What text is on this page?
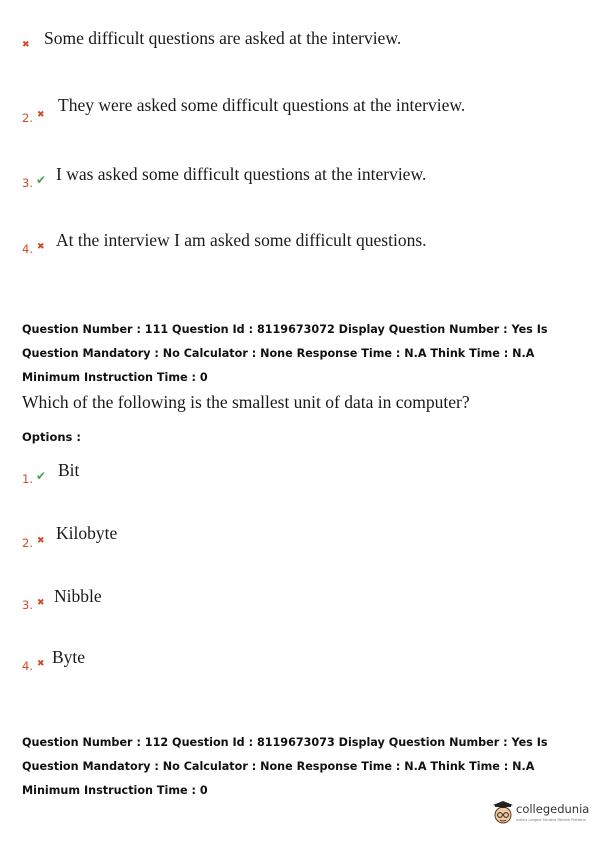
✖ Some difficult questions are asked at the interview.
2. ✖ They were asked some difficult questions at the interview.
3. ✔ I was asked some difficult questions at the interview.
4. ✖ At the interview I am asked some difficult questions.
Question Number : 111 Question Id : 8119673072 Display Question Number : Yes Is Question Mandatory : No Calculator : None Response Time : N.A Think Time : N.A Minimum Instruction Time : 0
Which of the following is the smallest unit of data in computer?
Options :
1. ✔ Bit
2. ✖ Kilobyte
3. ✖ Nibble
4. ✖ Byte
Question Number : 112 Question Id : 8119673073 Display Question Number : Yes Is Question Mandatory : No Calculator : None Response Time : N.A Think Time : N.A Minimum Instruction Time : 0
collegedunia
India's Largest Student Review Platform
